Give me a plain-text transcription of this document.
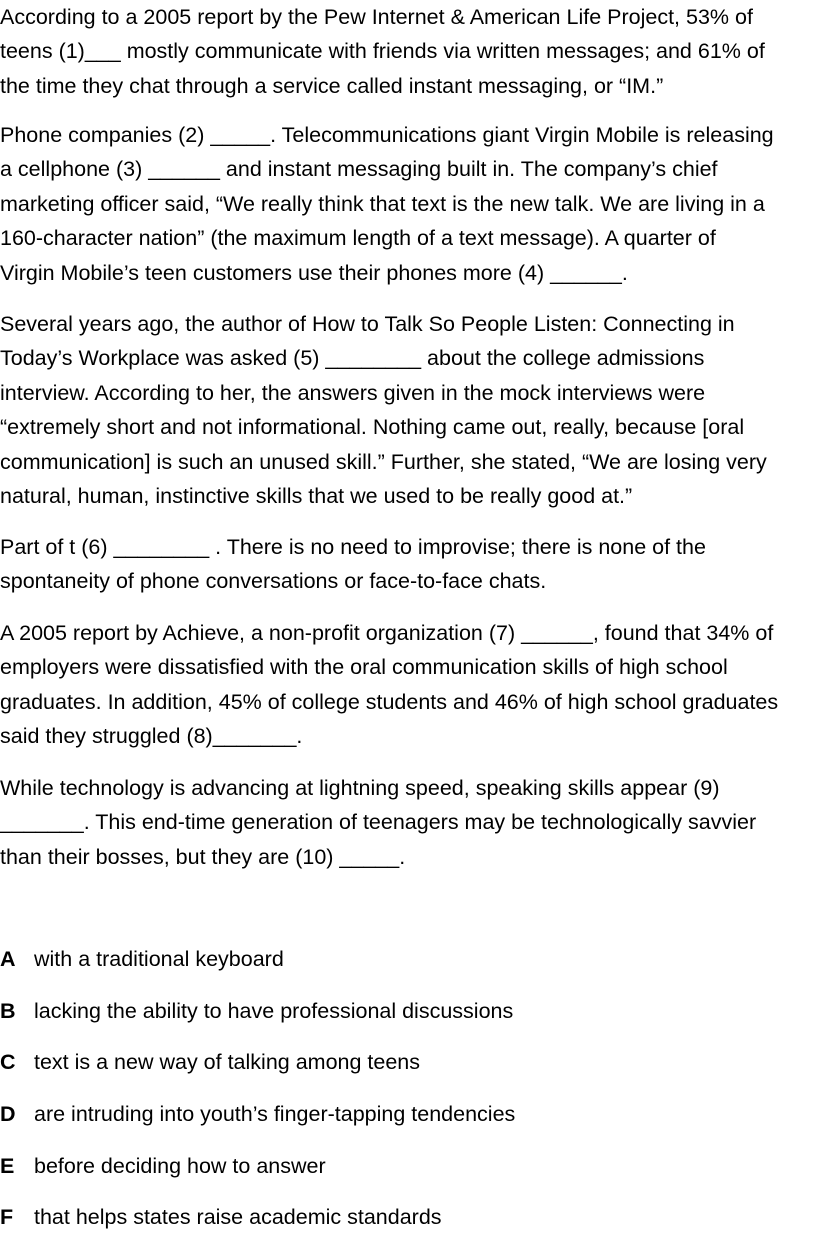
According to a 2005 report by the Pew Internet & American Life Project, 53% of
teens (1)___ mostly communicate with friends via written messages; and 61% of
the time they chat through a service called instant messaging, or “IM.”
Phone companies (2) _____. Telecommunications giant Virgin Mobile is releasing
a cellphone (3) ______ and instant messaging built in. The company’s chief
marketing officer said, “We really think that text is the new talk. We are living in a
160-character nation” (the maximum length of a text message). A quarter of
Virgin Mobile’s teen customers use their phones more (4) ______.
Several years ago, the author of How to Talk So People Listen: Connecting in
Today’s Workplace was asked (5) ________ about the college admissions
interview. According to her, the answers given in the mock interviews were
“extremely short and not informational. Nothing came out, really, because [oral
communication] is such an unused skill.” Further, she stated, “We are losing very
natural, human, instinctive skills that we used to be really good at.”
Part of t (6) ________ . There is no need to improvise; there is none of the
spontaneity of phone conversations or face-to-face chats.
A 2005 report by Achieve, a non-profit organization (7) ______, found that 34% of
employers were dissatisfied with the oral communication skills of high school
graduates. In addition, 45% of college students and 46% of high school graduates
said they struggled (8)_______.
While technology is advancing at lightning speed, speaking skills appear (9)
_______. This end-time generation of teenagers may be technologically savvier
than their bosses, but they are (10) _____.
A with a traditional keyboard
B lacking the ability to have professional discussions
C text is a new way of talking among teens
D are intruding into youth’s finger-tapping tendencies
E before deciding how to answer
F that helps states raise academic standards
